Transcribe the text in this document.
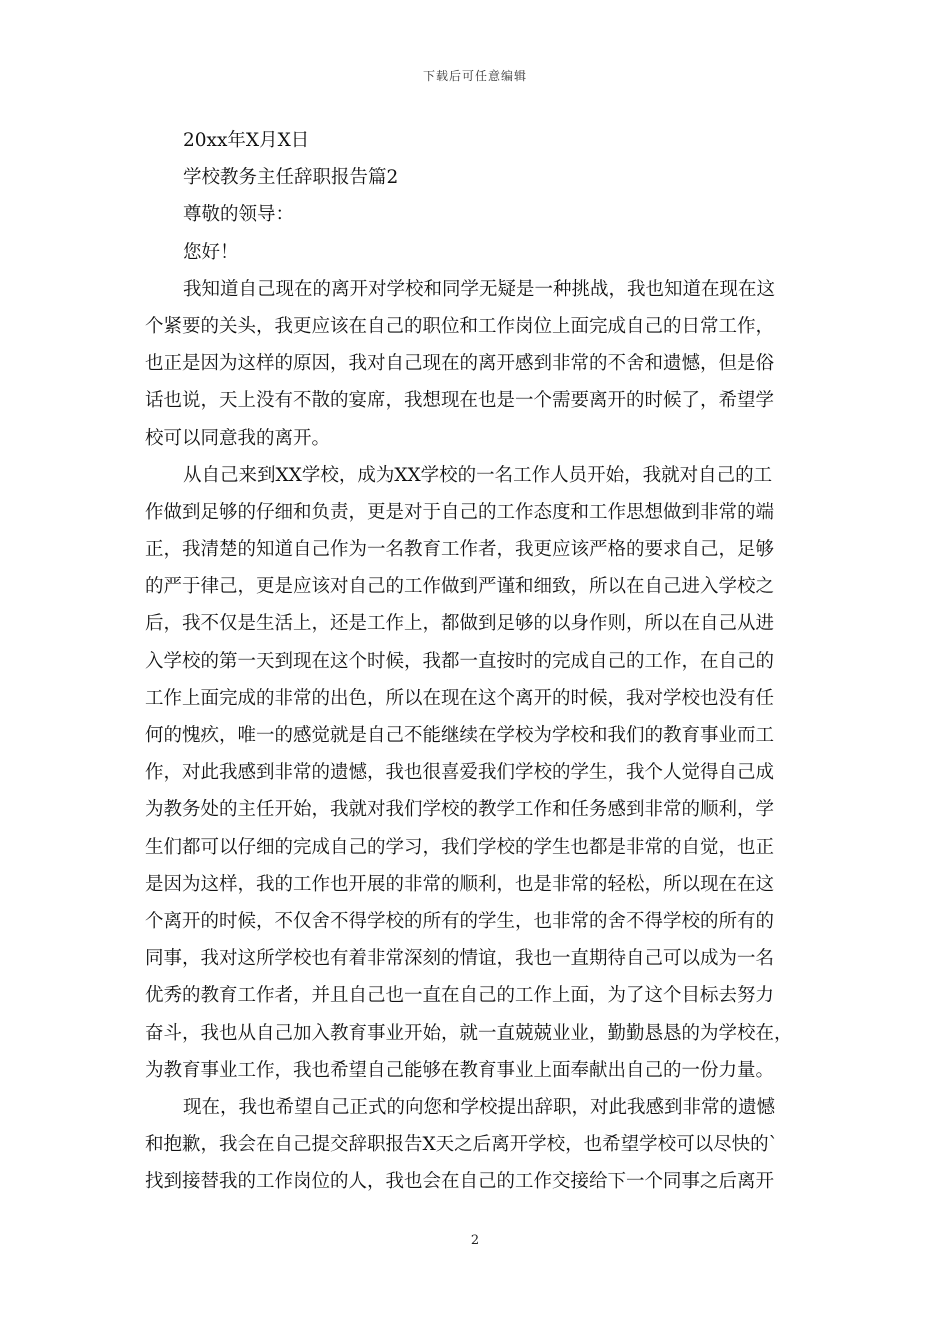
下载后可任意编辑
20xx年X月X日
学校教务主任辞职报告篇2
尊敬的领导：
您好！
我知道自己现在的离开对学校和同学无疑是一种挑战，我也知道在现在这
个紧要的关头，我更应该在自己的职位和工作岗位上面完成自己的日常工作，
也正是因为这样的原因，我对自己现在的离开感到非常的不舍和遗憾，但是俗
话也说，天上没有不散的宴席，我想现在也是一个需要离开的时候了，希望学
校可以同意我的离开。
从自己来到XX学校，成为XX学校的一名工作人员开始，我就对自己的工
作做到足够的仔细和负责，更是对于自己的工作态度和工作思想做到非常的端
正，我清楚的知道自己作为一名教育工作者，我更应该严格的要求自己，足够
的严于律己，更是应该对自己的工作做到严谨和细致，所以在自己进入学校之
后，我不仅是生活上，还是工作上，都做到足够的以身作则，所以在自己从进
入学校的第一天到现在这个时候，我都一直按时的完成自己的工作，在自己的
工作上面完成的非常的出色，所以在现在这个离开的时候，我对学校也没有任
何的愧疚，唯一的感觉就是自己不能继续在学校为学校和我们的教育事业而工
作，对此我感到非常的遗憾，我也很喜爱我们学校的学生，我个人觉得自己成
为教务处的主任开始，我就对我们学校的教学工作和任务感到非常的顺利，学
生们都可以仔细的完成自己的学习，我们学校的学生也都是非常的自觉，也正
是因为这样，我的工作也开展的非常的顺利，也是非常的轻松，所以现在在这
个离开的时候，不仅舍不得学校的所有的学生，也非常的舍不得学校的所有的
同事，我对这所学校也有着非常深刻的情谊，我也一直期待自己可以成为一名
优秀的教育工作者，并且自己也一直在自己的工作上面，为了这个目标去努力
奋斗，我也从自己加入教育事业开始，就一直兢兢业业，勤勤恳恳的为学校在，
为教育事业工作，我也希望自己能够在教育事业上面奉献出自己的一份力量。
现在，我也希望自己正式的向您和学校提出辞职，对此我感到非常的遗憾
和抱歉，我会在自己提交辞职报告X天之后离开学校，也希望学校可以尽快的`
找到接替我的工作岗位的人，我也会在自己的工作交接给下一个同事之后离开
2
